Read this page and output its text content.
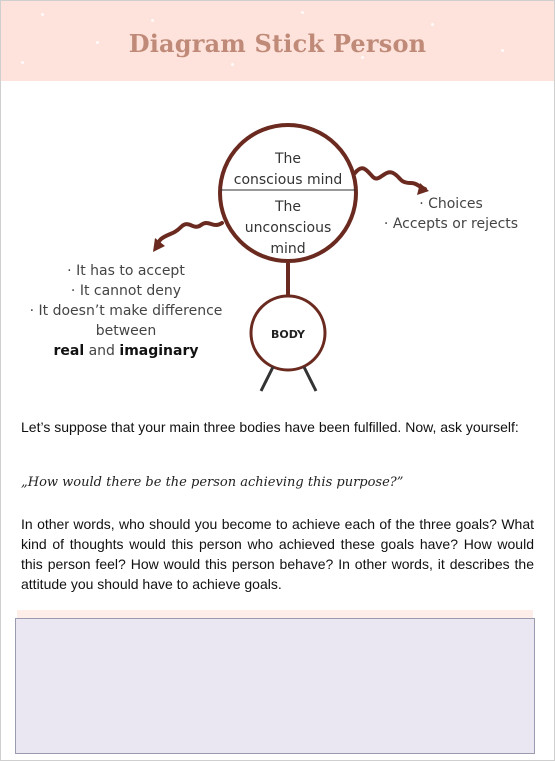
Diagram Stick Person
The
conscious mind
The
unconscious
mind
BODY
· Choices
· Accepts or rejects
· It has to accept
· It cannot deny
· It doesn’t make difference between
real and imaginary
Let’s suppose that your main three bodies have been fulfilled. Now, ask yourself:
„How would there be the person achieving this purpose?”
In other words, who should you become to achieve each of the three goals? What kind of thoughts would this person who achieved these goals have? How would this person feel? How would this person behave? In other words, it describes the attitude you should have to achieve goals.
